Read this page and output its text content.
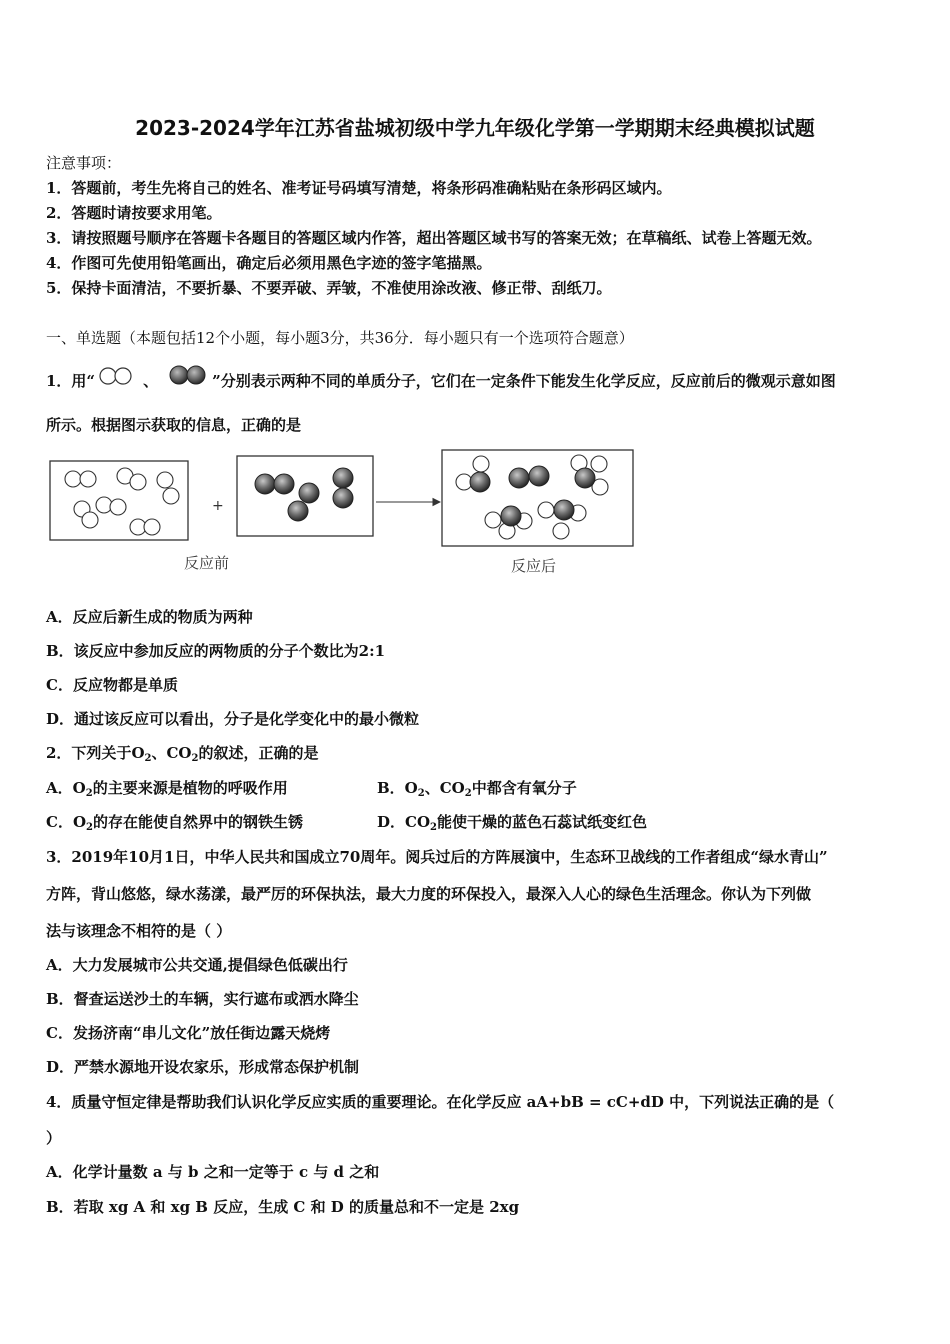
2023-2024学年江苏省盐城初级中学九年级化学第一学期期末经典模拟试题
注意事项：
1．答题前，考生先将自己的姓名、准考证号码填写清楚，将条形码准确粘贴在条形码区域内。
2．答题时请按要求用笔。
3．请按照题号顺序在答题卡各题目的答题区域内作答，超出答题区域书写的答案无效；在草稿纸、试卷上答题无效。
4．作图可先使用铅笔画出，确定后必须用黑色字迹的签字笔描黑。
5．保持卡面清洁，不要折暴、不要弄破、弄皱，不准使用涂改液、修正带、刮纸刀。
一、单选题（本题包括12个小题，每小题3分，共36分．每小题只有一个选项符合题意）
1．用“	、	”分别表示两种不同的单质分子，它们在一定条件下能发生化学反应，反应前后的微观示意如图
所示。根据图示获取的信息，正确的是
+
反应前	反应后
A．反应后新生成的物质为两种
B．该反应中参加反应的两物质的分子个数比为2:1
C．反应物都是单质
D．通过该反应可以看出，分子是化学变化中的最小微粒
2．下列关于$O_2$、$CO_2$的叙述，正确的是
A．$O_2$的主要来源是植物的呼吸作用	B．$O_2$、$CO_2$中都含有氧分子
C．$O_2$的存在能使自然界中的钢铁生锈	D．$CO_2$能使干燥的蓝色石蕊试纸变红色
3．2019年10月1日，中华人民共和国成立70周年。阅兵过后的方阵展演中，生态环卫战线的工作者组成“绿水青山”
方阵，背山悠悠，绿水荡漾，最严厉的环保执法，最大力度的环保投入，最深入人心的绿色生活理念。你认为下列做
法与该理念不相符的是（ ）
A．大力发展城市公共交通,提倡绿色低碳出行
B．督查运送沙土的车辆，实行遮布或洒水降尘
C．发扬济南“串儿文化”放任街边露天烧烤
D．严禁水源地开设农家乐，形成常态保护机制
4．质量守恒定律是帮助我们认识化学反应实质的重要理论。在化学反应 aA+bB = cC+dD 中，下列说法正确的是（
）
A．化学计量数 a 与 b 之和一定等于 c 与 d 之和
B．若取 xg A 和 xg B 反应，生成 C 和 D 的质量总和不一定是 2xg
